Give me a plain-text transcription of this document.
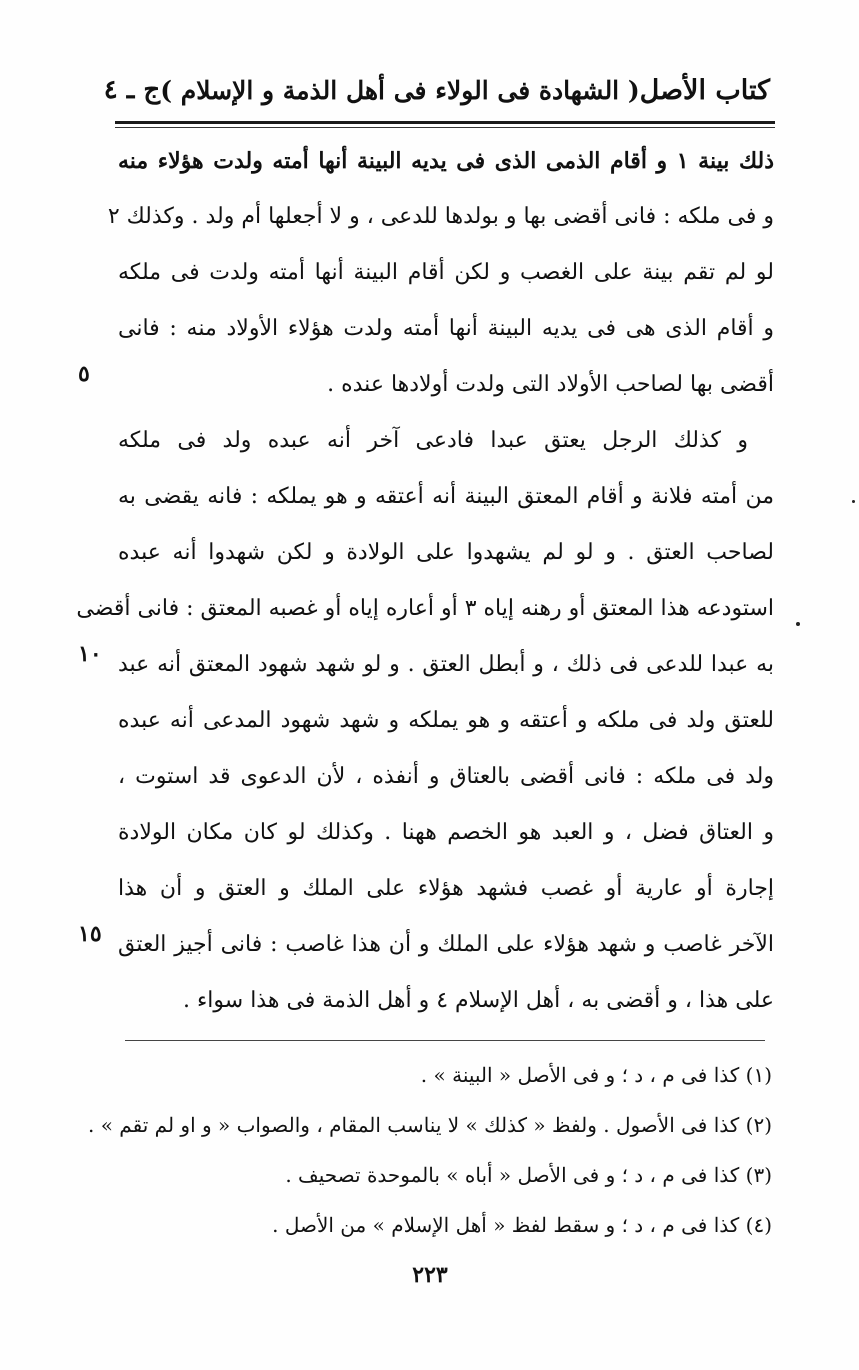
كتاب الأصل
( الشهادة فى الولاء فى أهل الذمة و الإسلام )
ج ـ ٤
ذلك بينة ١ و أقام الذمى الذى فى يديه البينة أنها أمته ولدت هؤلاء منه
و فى ملكه : فانى أقضى بها و بولدها للدعى ، و لا أجعلها أم ولد . وكذلك ٢
لو لم تقم بينة على الغصب و لكن أقام البينة أنها أمته ولدت فى ملكه
و أقام الذى هى فى يديه البينة أنها أمته ولدت هؤلاء الأولاد منه : فانى
أقضى بها لصاحب الأولاد التى ولدت أولادها عنده .
و كذلك الرجل يعتق عبدا فادعى آخر أنه عبده ولد فى ملكه
من أمته فلانة و أقام المعتق البينة أنه أعتقه و هو يملكه : فانه يقضى به
لصاحب العتق . و لو لم يشهدوا على الولادة و لكن شهدوا أنه عبده
استودعه هذا المعتق أو رهنه إياه ٣ أو أعاره إياه أو غصبه المعتق : فانى أقضى
به عبدا للدعى فى ذلك ، و أبطل العتق . و لو شهد شهود المعتق أنه عبد
للعتق ولد فى ملكه و أعتقه و هو يملكه و شهد شهود المدعى أنه عبده
ولد فى ملكه : فانى أقضى بالعتاق و أنفذه ، لأن الدعوى قد استوت ،
و العتاق فضل ، و العبد هو الخصم ههنا . وكذلك لو كان مكان الولادة
إجارة أو عارية أو غصب فشهد هؤلاء على الملك و العتق و أن هذا
الآخر غاصب و شهد هؤلاء على الملك و أن هذا غاصب : فانى أجيز العتق
على هذا ، و أقضى به ، أهل الإسلام ٤ و أهل الذمة فى هذا سواء .
٥
١٠
١٥
(١) كذا فى م ، د ؛ و فى الأصل « البينة » .
(٢) كذا فى الأصول . ولفظ « كذلك » لا يناسب المقام ، والصواب « و او لم تقم » .
(٣) كذا فى م ، د ؛ و فى الأصل « أباه » بالموحدة تصحيف .
(٤) كذا فى م ، د ؛ و سقط لفظ « أهل الإسلام » من الأصل .
٢٢٣
